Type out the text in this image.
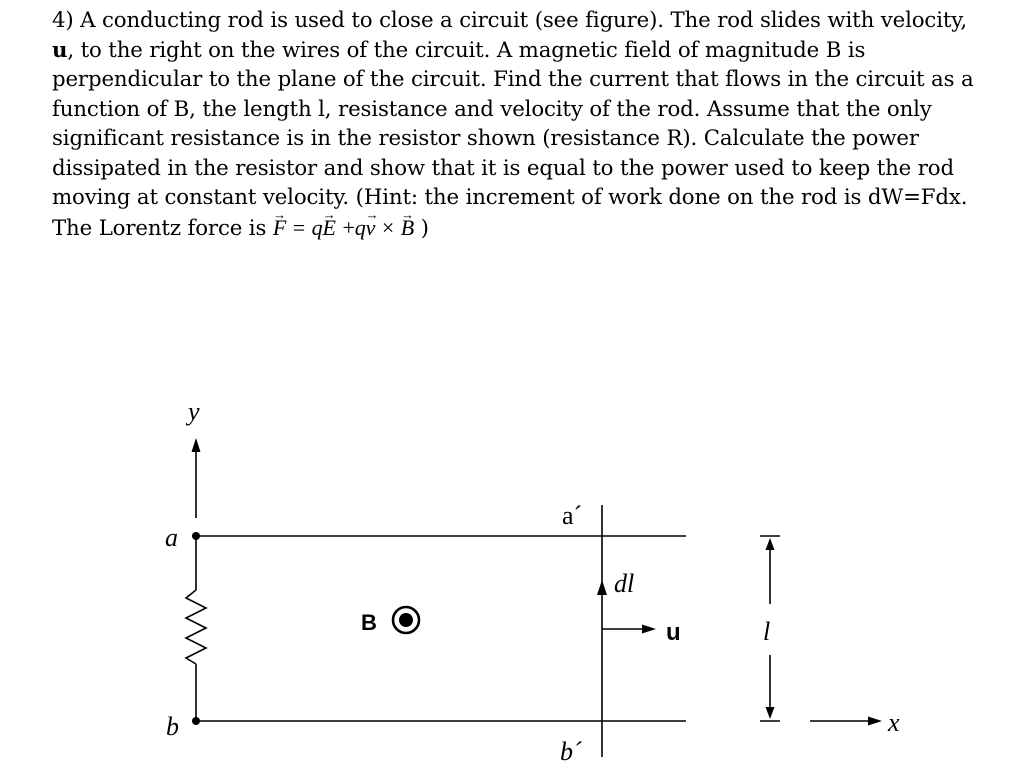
4) A conducting rod is used to close a circuit (see figure). The rod slides with velocity, u, to the right on the wires of the circuit. A magnetic field of magnitude B is perpendicular to the plane of the circuit. Find the current that flows in the circuit as a function of B, the length l, resistance and velocity of the rod. Assume that the only significant resistance is in the resistor shown (resistance R). Calculate the power dissipated in the resistor and show that it is equal to the power used to keep the rod moving at constant velocity. (Hint: the increment of work done on the rod is dW=Fdx. The Lorentz force is → F = q→ E +q→ v × → B )
y
a
b
B
a´
b´
dl
u	l
x
